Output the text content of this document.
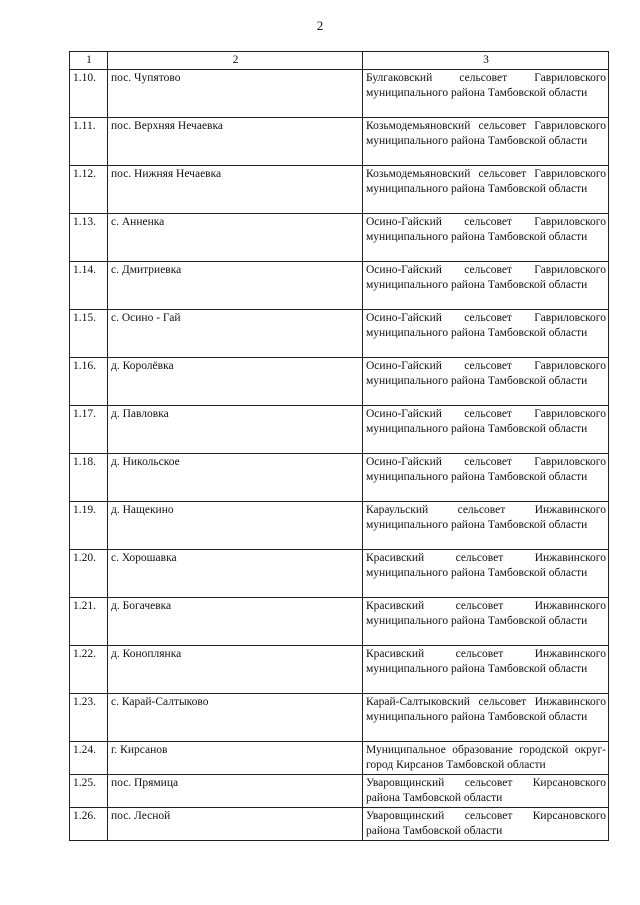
2
1	2	3
1.10.	пос. Чупятово	Булгаковский сельсовет Гавриловского муниципального района Тамбовской области
1.11.	пос. Верхняя Нечаевка	Козьмодемьяновский сельсовет Гавриловского муниципального района Тамбовской области
1.12.	пос. Нижняя Нечаевка	Козьмодемьяновский сельсовет Гавриловского муниципального района Тамбовской области
1.13.	с. Анненка	Осино-Гайский сельсовет Гавриловского муниципального района Тамбовской области
1.14.	с. Дмитриевка	Осино-Гайский сельсовет Гавриловского муниципального района Тамбовской области
1.15.	с. Осино - Гай	Осино-Гайский сельсовет Гавриловского муниципального района Тамбовской области
1.16.	д. Королёвка	Осино-Гайский сельсовет Гавриловского муниципального района Тамбовской области
1.17.	д. Павловка	Осино-Гайский сельсовет Гавриловского муниципального района Тамбовской области
1.18.	д. Никольское	Осино-Гайский сельсовет Гавриловского муниципального района Тамбовской области
1.19.	д. Нащекино	Караульский сельсовет Инжавинского муниципального района Тамбовской области
1.20.	с. Хорошавка	Красивский сельсовет Инжавинского муниципального района Тамбовской области
1.21.	д. Богачевка	Красивский сельсовет Инжавинского муниципального района Тамбовской области
1.22.	д. Коноплянка	Красивский сельсовет Инжавинского муниципального района Тамбовской области
1.23.	с. Карай-Салтыково	Карай-Салтыковский сельсовет Инжавинского муниципального района Тамбовской области
1.24.	г. Кирсанов	Муниципальное образование городской округ-город Кирсанов Тамбовской области
1.25.	пос. Прямица	Уваровщинский сельсовет Кирсановского района Тамбовской области
1.26.	пос. Лесной	Уваровщинский сельсовет Кирсановского района Тамбовской области
